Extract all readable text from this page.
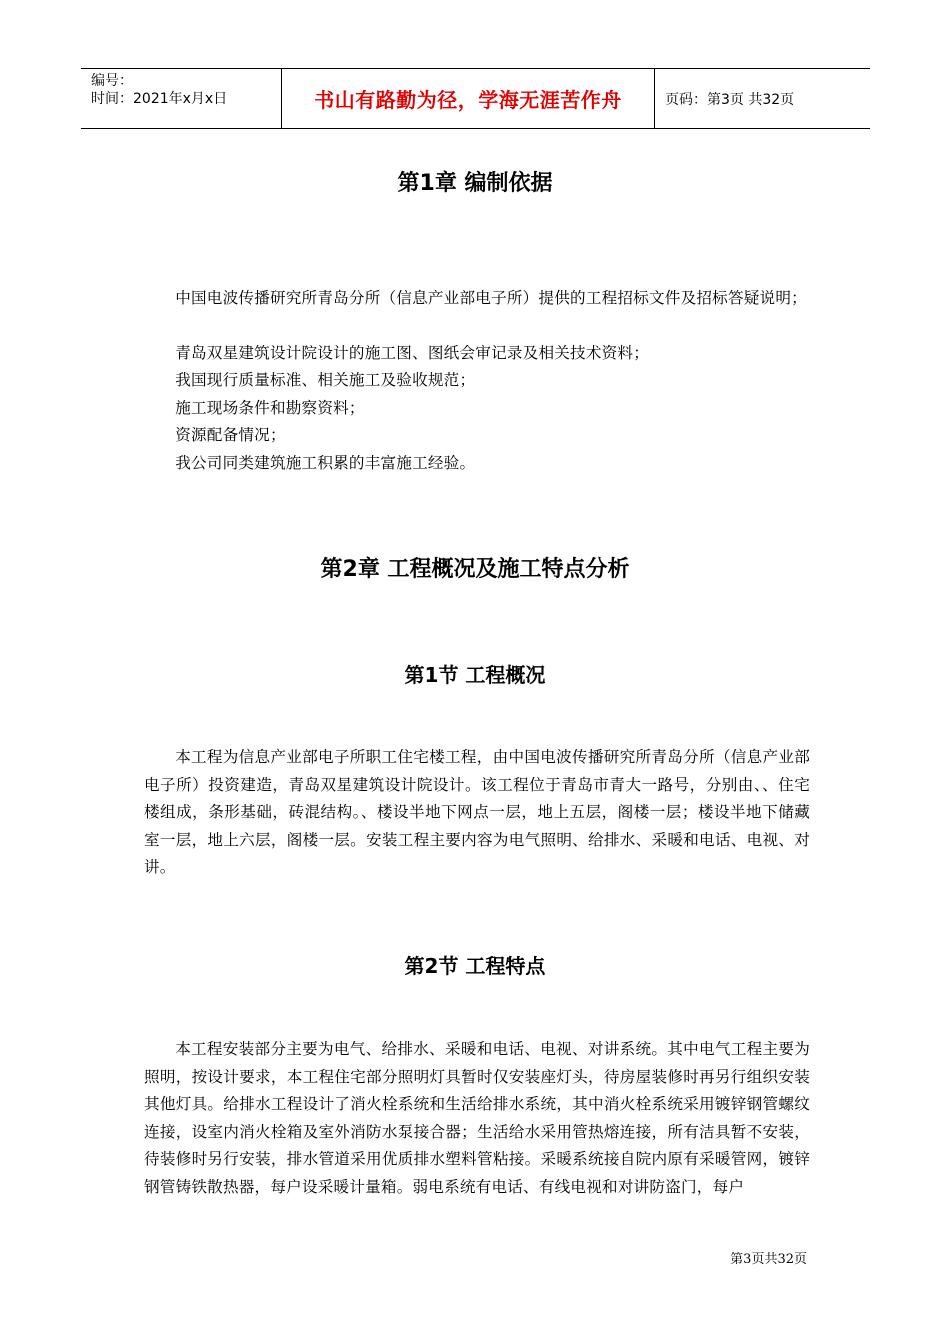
编号：
时间：2021年x月x日	书山有路勤为径，学海无涯苦作舟	页码：第3页 共32页
第1章 编制依据

中国电波传播研究所青岛分所（信息产业部电子所）提供的工程招标文件及招标答疑说明；

青岛双星建筑设计院设计的施工图、图纸会审记录及相关技术资料；

我国现行质量标准、相关施工及验收规范；

施工现场条件和勘察资料；

资源配备情况；

我公司同类建筑施工积累的丰富施工经验。

第2章 工程概况及施工特点分析
第1节 工程概况

本工程为信息产业部电子所职工住宅楼工程，由中国电波传播研究所青岛分所（信息产业部电子所）投资建造，青岛双星建筑设计院设计。该工程位于青岛市青大一路号，分别由、、住宅楼组成，条形基础，砖混结构。、楼设半地下网点一层，地上五层，阁楼一层；楼设半地下储藏室一层，地上六层，阁楼一层。安装工程主要内容为电气照明、给排水、采暖和电话、电视、对讲。

第2节 工程特点

本工程安装部分主要为电气、给排水、采暖和电话、电视、对讲系统。其中电气工程主要为照明，按设计要求，本工程住宅部分照明灯具暂时仅安装座灯头，待房屋装修时再另行组织安装其他灯具。给排水工程设计了消火栓系统和生活给排水系统，其中消火栓系统采用镀锌钢管螺纹连接，设室内消火栓箱及室外消防水泵接合器；生活给水采用管热熔连接，所有洁具暂不安装，待装修时另行安装，排水管道采用优质排水塑料管粘接。采暖系统接自院内原有采暖管网，镀锌钢管铸铁散热器，每户设采暖计量箱。弱电系统有电话、有线电视和对讲防盗门，每户

第3页共32页
